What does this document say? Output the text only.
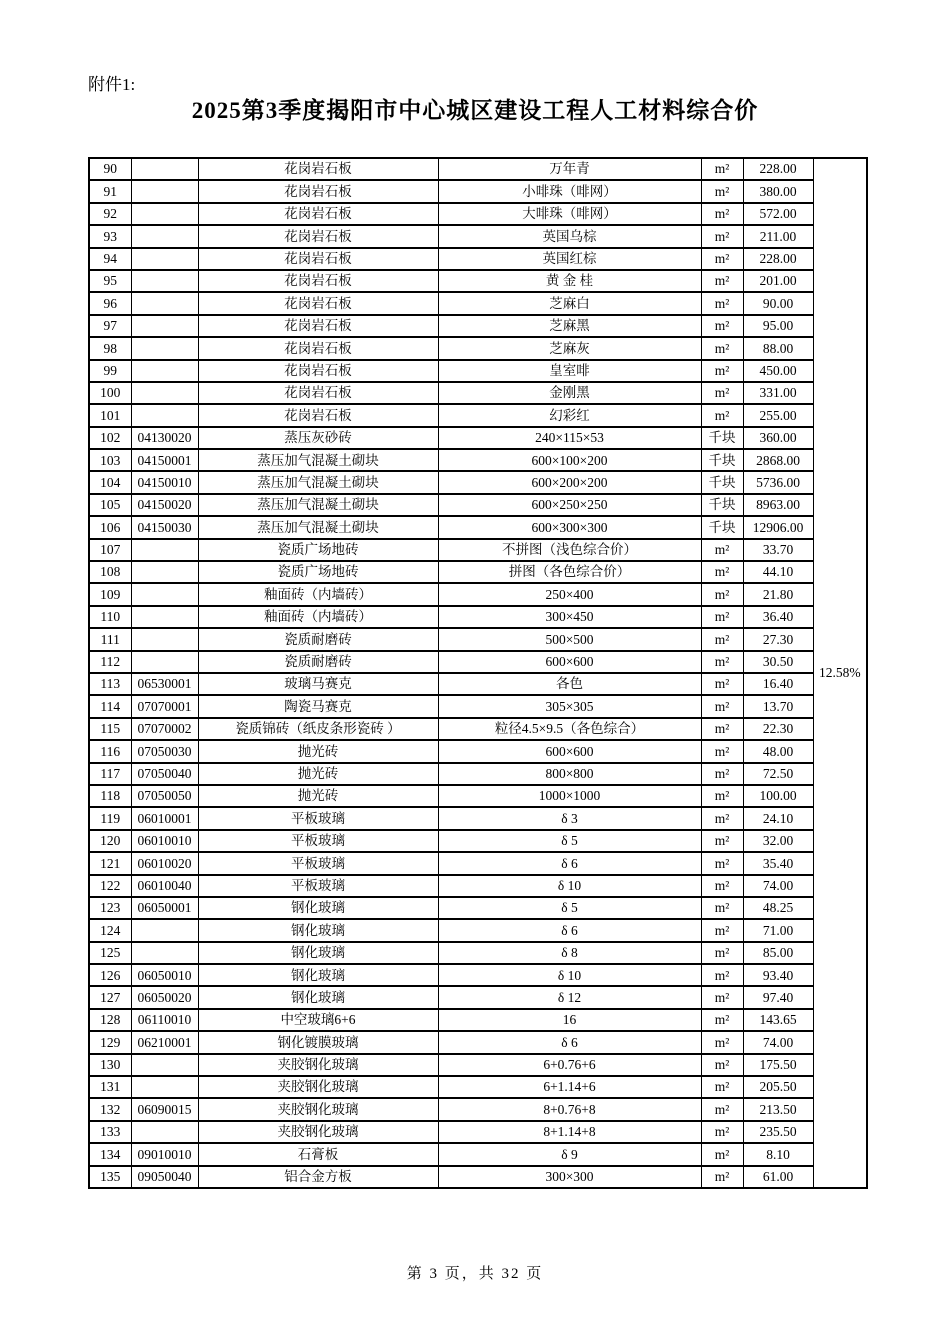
附件1:
2025第3季度揭阳市中心城区建设工程人工材料综合价
90		花岗岩石板	万年青	m²	228.00	12.58%
91		花岗岩石板	小啡珠（啡网）	m²	380.00	
92		花岗岩石板	大啡珠（啡网）	m²	572.00	
93		花岗岩石板	英国乌棕	m²	211.00	
94		花岗岩石板	英国红棕	m²	228.00	
95		花岗岩石板	黄 金 桂	m²	201.00	
96		花岗岩石板	芝麻白	m²	90.00	
97		花岗岩石板	芝麻黑	m²	95.00	
98		花岗岩石板	芝麻灰	m²	88.00	
99		花岗岩石板	皇室啡	m²	450.00	
100		花岗岩石板	金刚黑	m²	331.00	
101		花岗岩石板	幻彩红	m²	255.00	
102	04130020	蒸压灰砂砖	240×115×53	千块	360.00	
103	04150001	蒸压加气混凝土砌块	600×100×200	千块	2868.00	
104	04150010	蒸压加气混凝土砌块	600×200×200	千块	5736.00	
105	04150020	蒸压加气混凝土砌块	600×250×250	千块	8963.00	
106	04150030	蒸压加气混凝土砌块	600×300×300	千块	12906.00	
107		瓷质广场地砖	不拼图（浅色综合价）	m²	33.70	
108		瓷质广场地砖	拼图（各色综合价）	m²	44.10	
109		釉面砖（内墙砖）	250×400	m²	21.80	
110		釉面砖（内墙砖）	300×450	m²	36.40	
111		瓷质耐磨砖	500×500	m²	27.30	
112		瓷质耐磨砖	600×600	m²	30.50	
113	06530001	玻璃马赛克	各色	m²	16.40	
114	07070001	陶瓷马赛克	305×305	m²	13.70	
115	07070002	瓷质锦砖（纸皮条形瓷砖 ）	粒径4.5×9.5（各色综合）	m²	22.30	
116	07050030	抛光砖	600×600	m²	48.00	
117	07050040	抛光砖	800×800	m²	72.50	
118	07050050	抛光砖	1000×1000	m²	100.00	
119	06010001	平板玻璃	δ 3	m²	24.10	
120	06010010	平板玻璃	δ 5	m²	32.00	
121	06010020	平板玻璃	δ 6	m²	35.40	
122	06010040	平板玻璃	δ 10	m²	74.00	
123	06050001	钢化玻璃	δ 5	m²	48.25	
124		钢化玻璃	δ 6	m²	71.00	
125		钢化玻璃	δ 8	m²	85.00	
126	06050010	钢化玻璃	δ 10	m²	93.40	
127	06050020	钢化玻璃	δ 12	m²	97.40	
128	06110010	中空玻璃6+6	16	m²	143.65	
129	06210001	钢化镀膜玻璃	δ 6	m²	74.00	
130		夹胶钢化玻璃	6+0.76+6	m²	175.50	
131		夹胶钢化玻璃	6+1.14+6	m²	205.50	
132	06090015	夹胶钢化玻璃	8+0.76+8	m²	213.50	
133		夹胶钢化玻璃	8+1.14+8	m²	235.50	
134	09010010	石膏板	δ 9	m²	8.10	
135	09050040	铝合金方板	300×300	m²	61.00	
第 3 页，共 32 页
